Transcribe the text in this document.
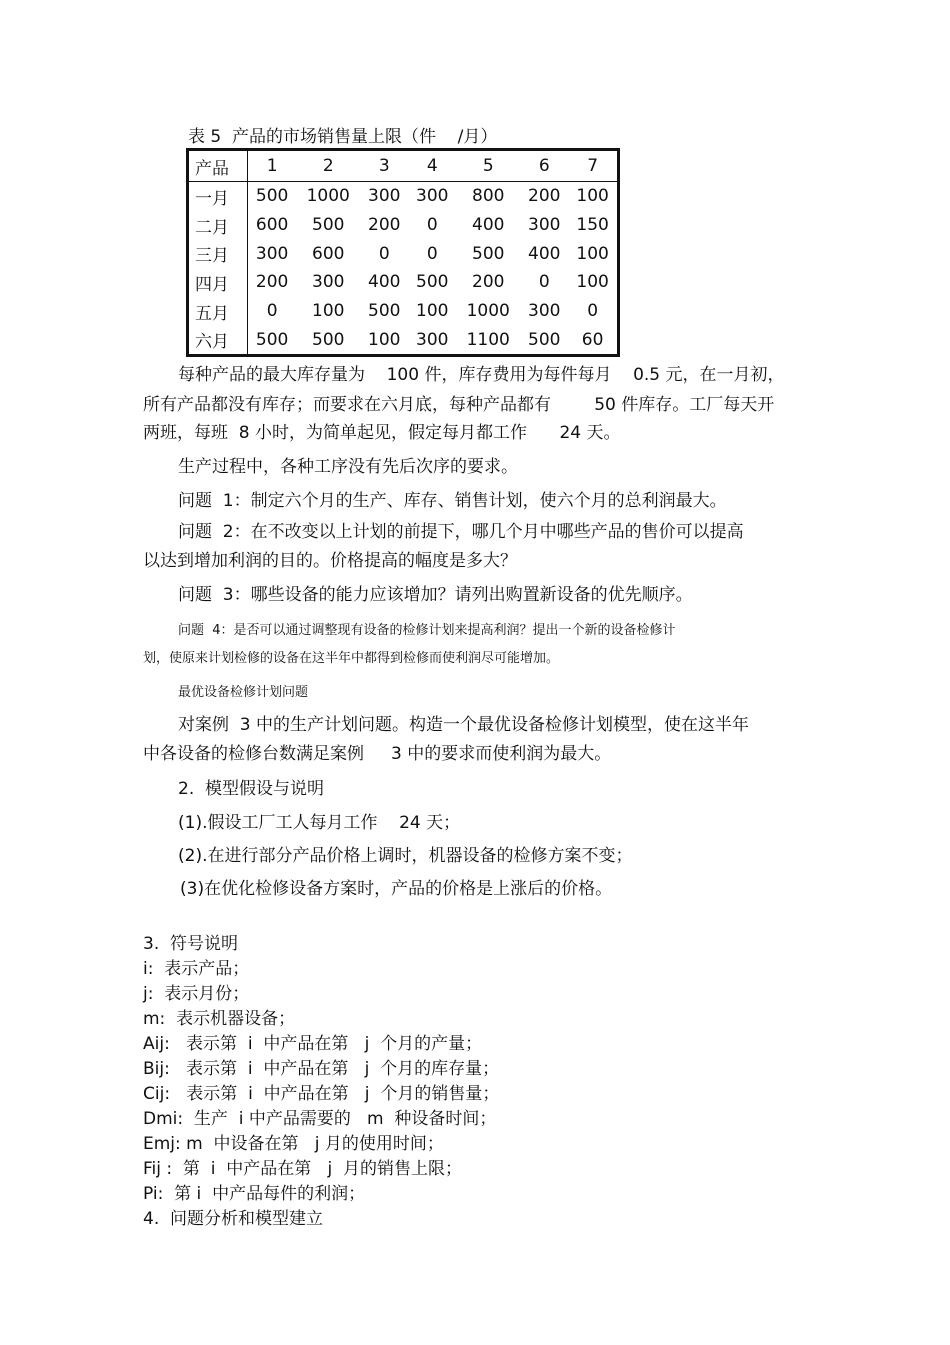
表 5  产品的市场销售量上限（件    /月）
产品	1	2	3	4	5	6	7
一月	500	1000	300	300	800	200	100
二月	600	500	200	0	400	300	150
三月	300	600	0	0	500	400	100
四月	200	300	400	500	200	0	100
五月	0	100	500	100	1000	300	0
六月	500	500	100	300	1100	500	60
每种产品的最大库存量为    100 件，库存费用为每件每月    0.5 元，在一月初，
所有产品都没有库存；而要求在六月底，每种产品都有        50 件库存。工厂每天开
两班，每班  8 小时，为简单起见，假定每月都工作      24 天。
生产过程中，各种工序没有先后次序的要求。
问题  1：制定六个月的生产、库存、销售计划，使六个月的总利润最大。
问题  2：在不改变以上计划的前提下，哪几个月中哪些产品的售价可以提高
以达到增加利润的目的。价格提高的幅度是多大？
问题  3：哪些设备的能力应该增加？请列出购置新设备的优先顺序。
问题  4：是否可以通过调整现有设备的检修计划来提高利润？提出一个新的设备检修计
划，使原来计划检修的设备在这半年中都得到检修而使利润尽可能增加。
最优设备检修计划问题
对案例  3 中的生产计划问题。构造一个最优设备检修计划模型，使在这半年
中各设备的检修台数满足案例     3 中的要求而使利润为最大。
2.  模型假设与说明
(1).假设工厂工人每月工作    24 天；
(2).在进行部分产品价格上调时，机器设备的检修方案不变；
(3)在优化检修设备方案时，产品的价格是上涨后的价格。
3.  符号说明
i:  表示产品；
j:  表示月份；
m:  表示机器设备；
Aij:   表示第  i  中产品在第   j  个月的产量；
Bij:   表示第  i  中产品在第   j  个月的库存量；
Cij:   表示第  i  中产品在第   j  个月的销售量；
Dmi:  生产  i 中产品需要的   m  种设备时间；
Emj: m  中设备在第   j 月的使用时间；
Fij :  第  i  中产品在第   j  月的销售上限；
Pi:  第 i  中产品每件的利润；
4.  问题分析和模型建立
